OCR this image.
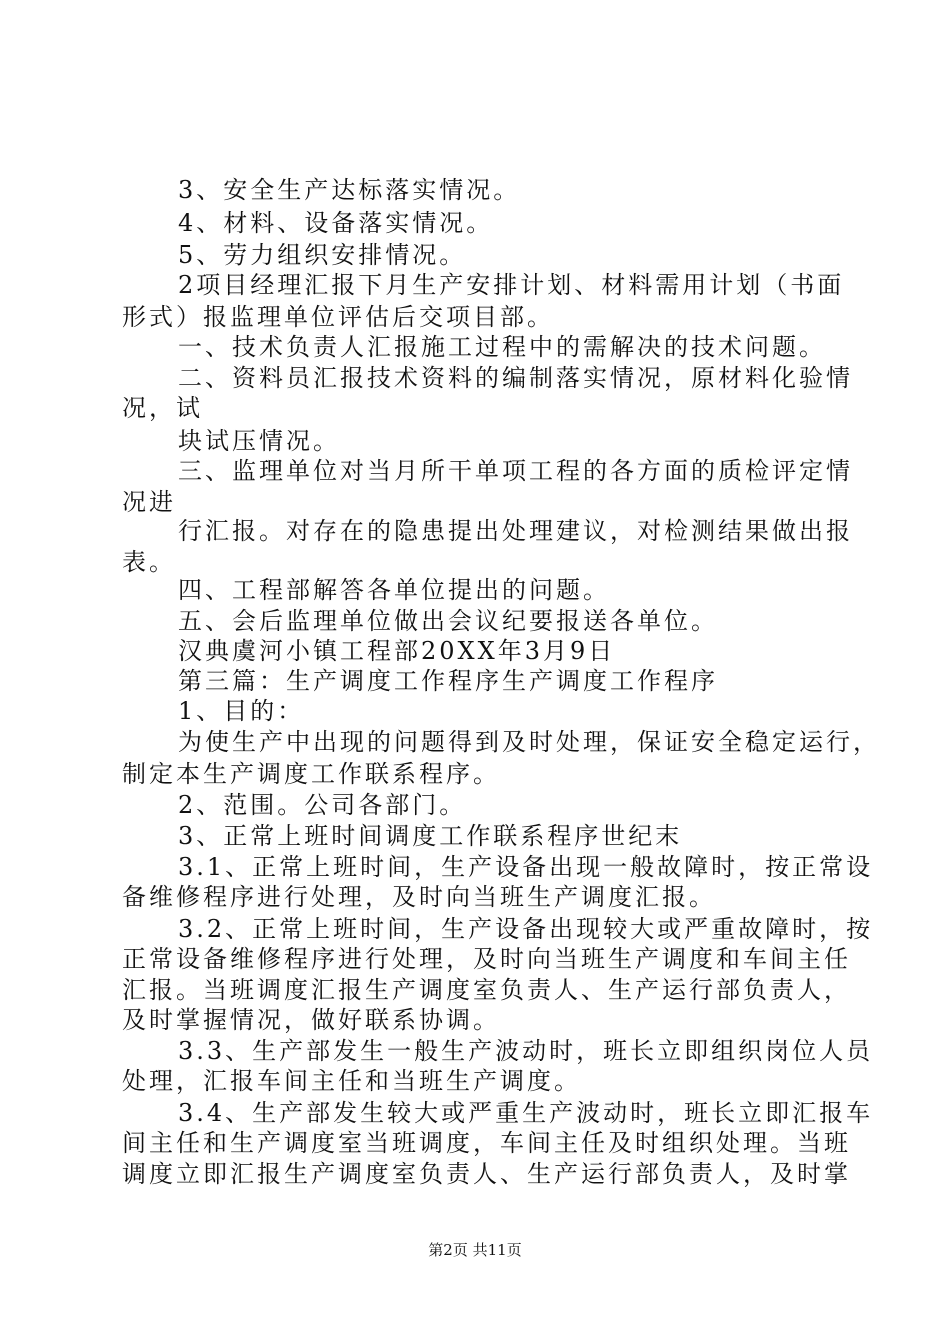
3、安全生产达标落实情况。
4、材料、设备落实情况。
5、劳力组织安排情况。
2项目经理汇报下月生产安排计划、材料需用计划（书面
形式）报监理单位评估后交项目部。
一、技术负责人汇报施工过程中的需解决的技术问题。
二、资料员汇报技术资料的编制落实情况，原材料化验情
况，试
块试压情况。
三、监理单位对当月所干单项工程的各方面的质检评定情
况进
行汇报。对存在的隐患提出处理建议，对检测结果做出报
表。
四、工程部解答各单位提出的问题。
五、会后监理单位做出会议纪要报送各单位。
汉典虞河小镇工程部20XX年3月9日
第三篇：生产调度工作程序生产调度工作程序
1、目的：
为使生产中出现的问题得到及时处理，保证安全稳定运行，
制定本生产调度工作联系程序。
2、范围。公司各部门。
3、正常上班时间调度工作联系程序世纪末
3.1、正常上班时间，生产设备出现一般故障时，按正常设
备维修程序进行处理，及时向当班生产调度汇报。
3.2、正常上班时间，生产设备出现较大或严重故障时，按
正常设备维修程序进行处理，及时向当班生产调度和车间主任
汇报。当班调度汇报生产调度室负责人、生产运行部负责人，
及时掌握情况，做好联系协调。
3.3、生产部发生一般生产波动时，班长立即组织岗位人员
处理，汇报车间主任和当班生产调度。
3.4、生产部发生较大或严重生产波动时，班长立即汇报车
间主任和生产调度室当班调度，车间主任及时组织处理。当班
调度立即汇报生产调度室负责人、生产运行部负责人，及时掌
第2页 共11页
